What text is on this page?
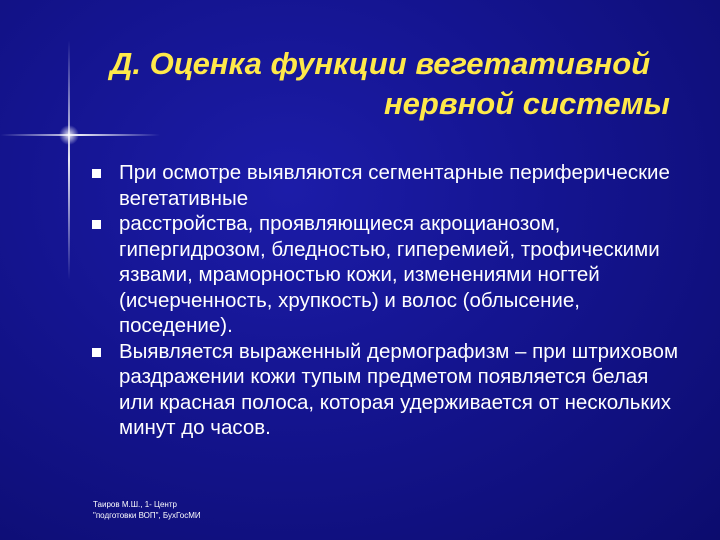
Д. Оценка функции вегетативной
нервной системы
При осмотре выявляются сегментарные периферические вегетативные
расстройства, проявляющиеся акроцианозом, гипергидрозом, бледностью, гиперемией, трофическими язвами, мраморностью кожи, изменениями ногтей (исчерченность, хрупкость) и волос (облысение, поседение).
Выявляется выраженный дермографизм – при штриховом раздражении кожи тупым предметом появляется белая или красная полоса, которая удерживается от нескольких минут до часов.
Таиров М.Ш., 1- Центр
"подготовки ВОП", БухГосМИ
